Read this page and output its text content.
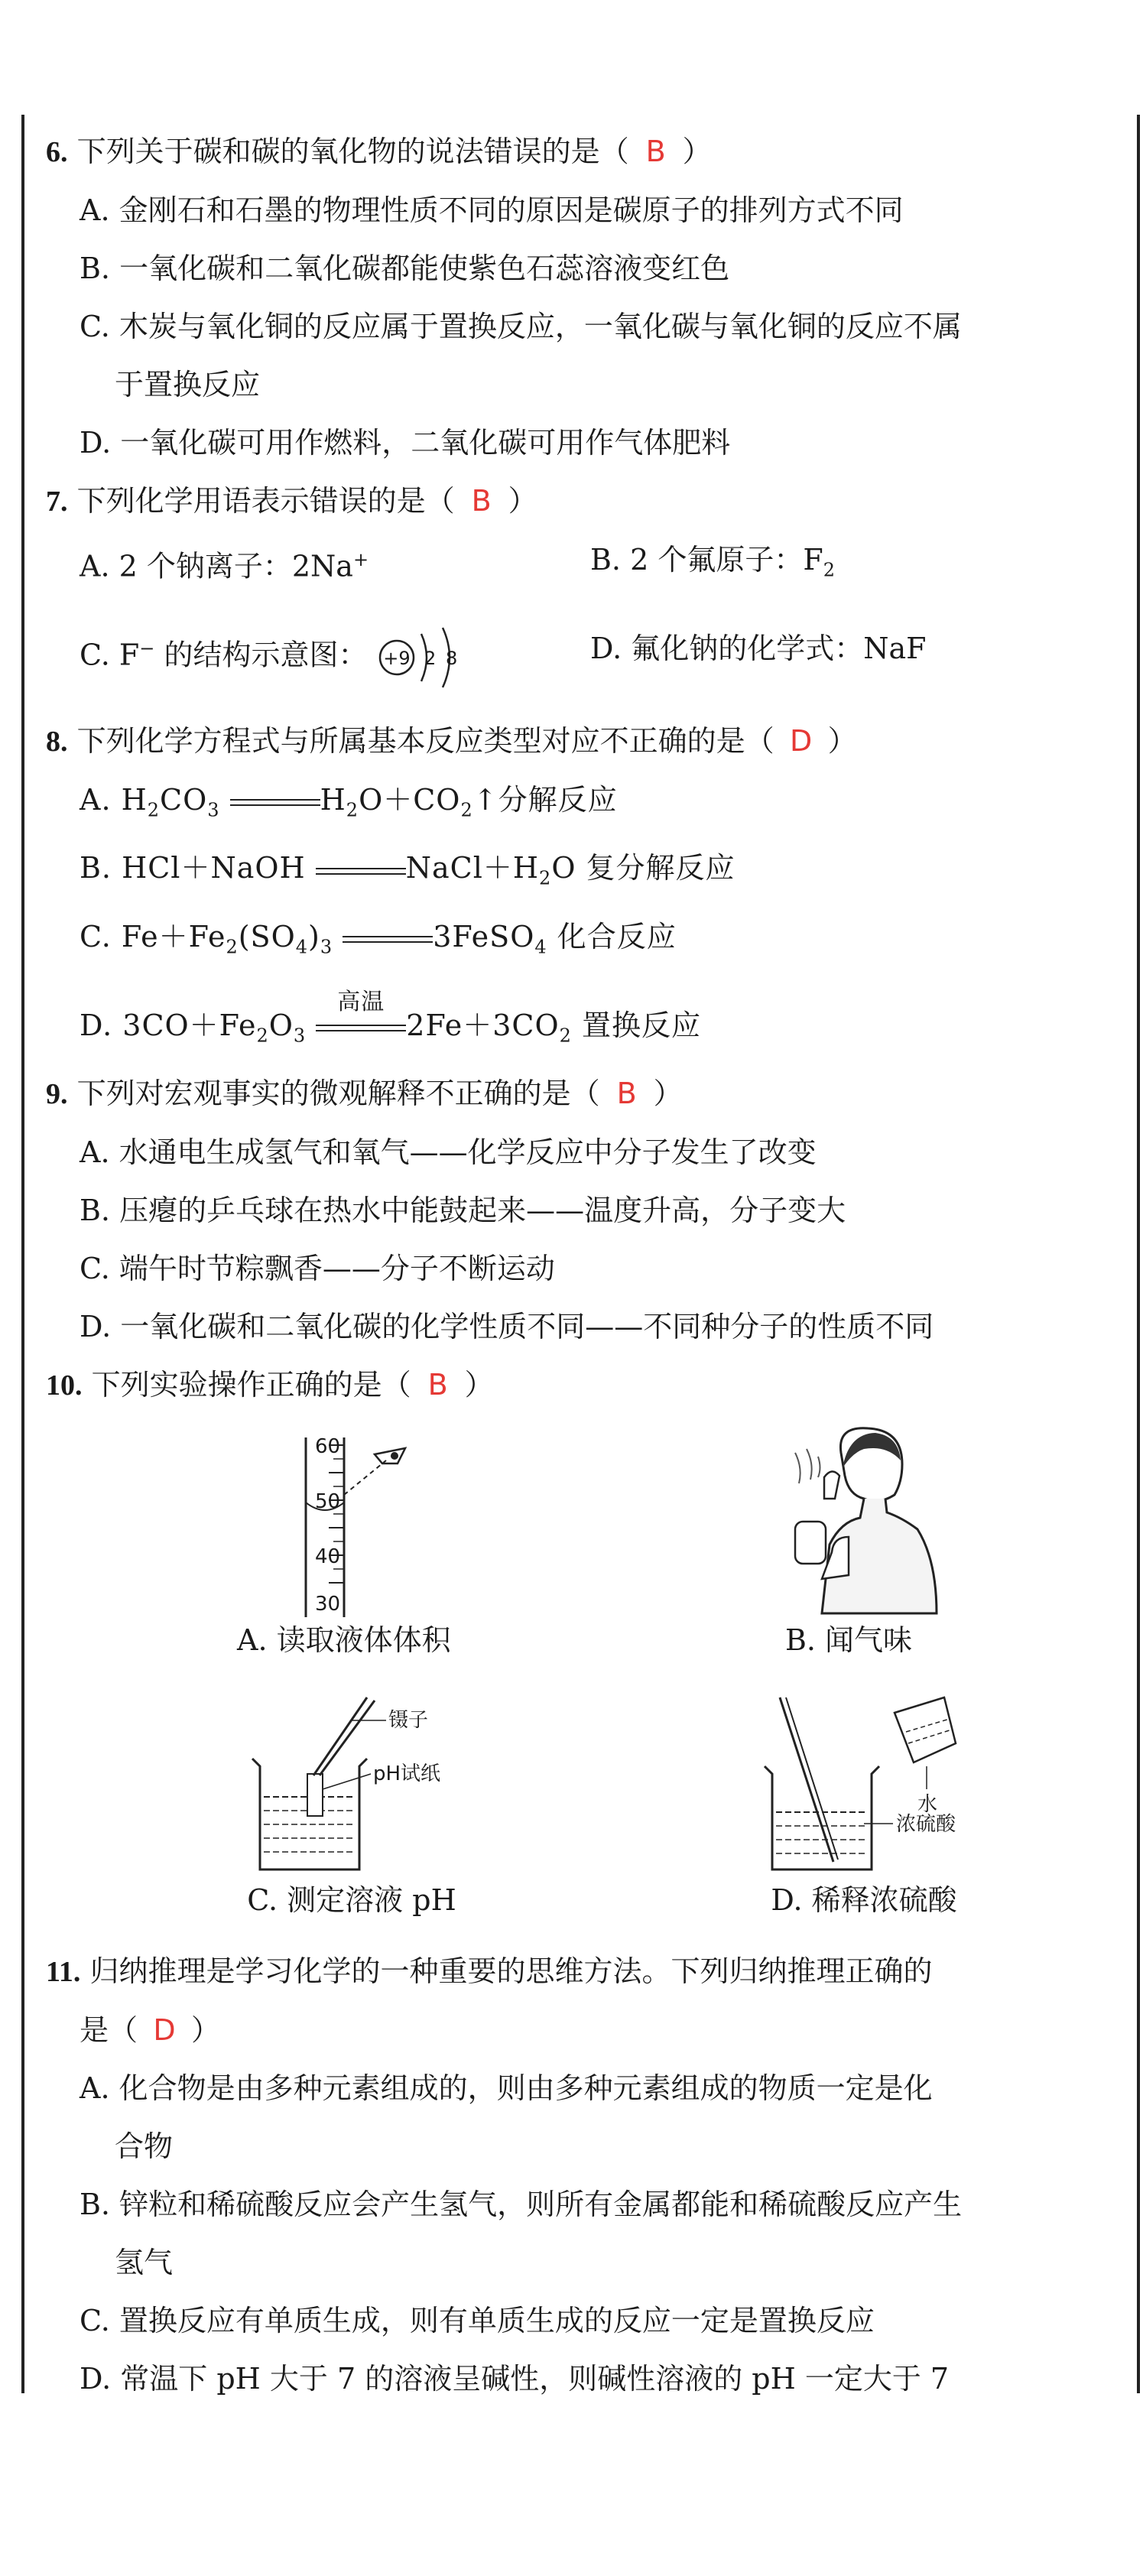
6. 下列关于碳和碳的氧化物的说法错误的是（ B ）
A. 金刚石和石墨的物理性质不同的原因是碳原子的排列方式不同
B. 一氧化碳和二氧化碳都能使紫色石蕊溶液变红色
C. 木炭与氧化铜的反应属于置换反应，一氧化碳与氧化铜的反应不属
于置换反应
D. 一氧化碳可用作燃料，二氧化碳可用作气体肥料
7. 下列化学用语表示错误的是（ B ）
A. 2 个钠离子：2Na+	B. 2 个氟原子：$F_2$
C. F− 的结构示意图： +9 2 8	D. 氟化钠的化学式：NaF
8. 下列化学方程式与所属基本反应类型对应不正确的是（ D ）
A. $H_2CO_3$	$H_2O+CO_2↑$分解反应
B. HCl＋NaOH	$NaCl+H_2O$ 复分解反应
C. $Fe+Fe_2(SO_4)_3$	3FeSO$_4$ 化合反应
D. $3CO+Fe_2O_3$
高温
$2Fe+3CO_2$ 置换反应
9. 下列对宏观事实的微观解释不正确的是（ B ）
A. 水通电生成氢气和氧气——化学反应中分子发生了改变
B. 压瘪的乒乓球在热水中能鼓起来——温度升高，分子变大
C. 端午时节粽飘香——分子不断运动
D. 一氧化碳和二氧化碳的化学性质不同——不同种分子的性质不同
10. 下列实验操作正确的是（ B ）
60
50
40
30
A. 读取液体体积	B. 闻气味
镊子
pH试纸
C. 测定溶液 pH
水
浓硫酸
D. 稀释浓硫酸
11. 归纳推理是学习化学的一种重要的思维方法。下列归纳推理正确的
是（ D ）
A. 化合物是由多种元素组成的，则由多种元素组成的物质一定是化
合物
B. 锌粒和稀硫酸反应会产生氢气，则所有金属都能和稀硫酸反应产生
氢气
C. 置换反应有单质生成，则有单质生成的反应一定是置换反应
D. 常温下 pH 大于 7 的溶液呈碱性，则碱性溶液的 pH 一定大于 7
